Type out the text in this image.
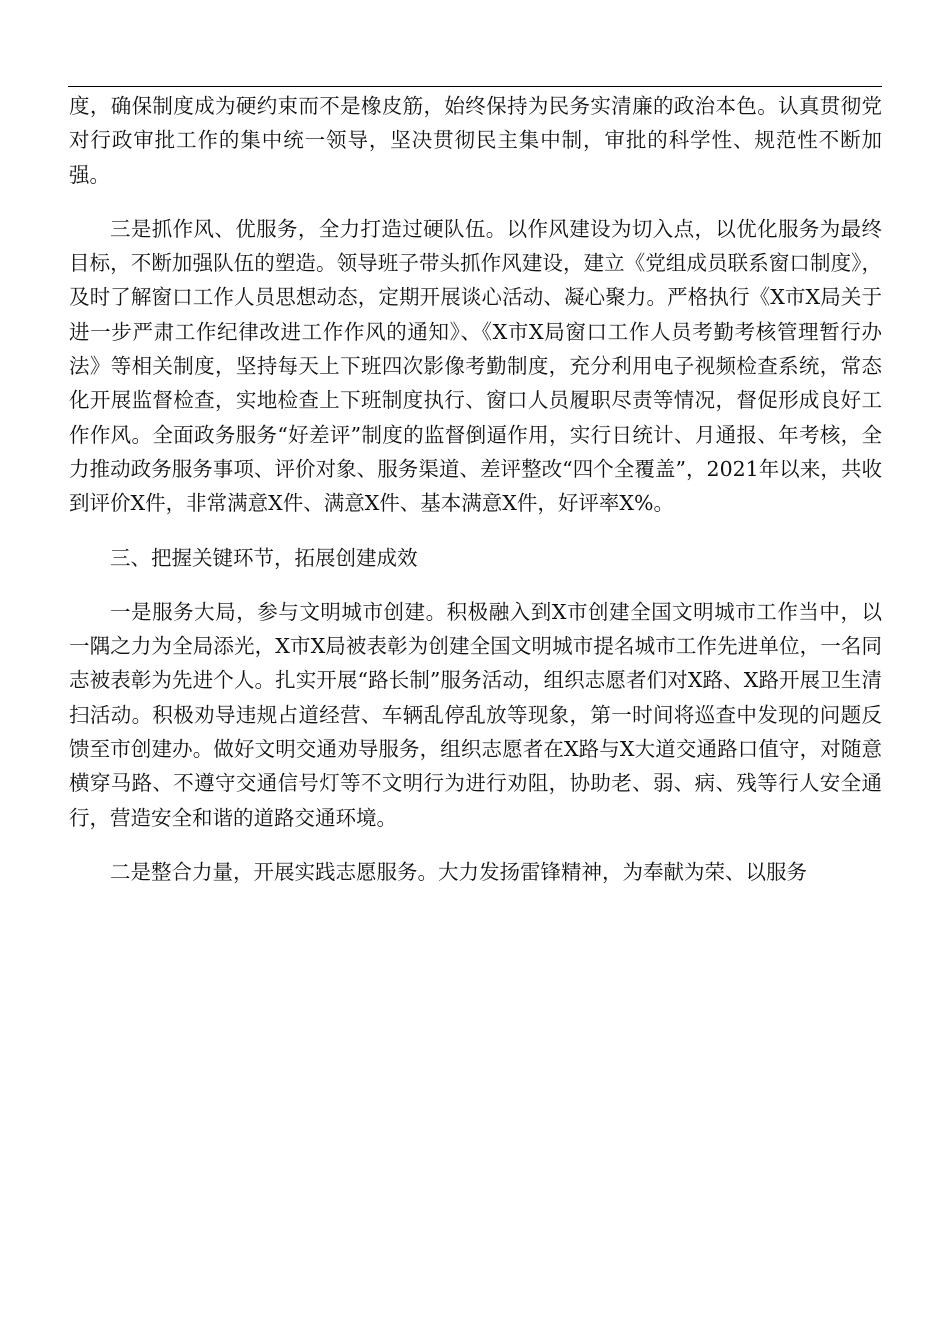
度，确保制度成为硬约束而不是橡皮筋，始终保持为民务实清廉的政治本色。认真贯彻党对行政审批工作的集中统一领导，坚决贯彻民主集中制，审批的科学性、规范性不断加强。

三是抓作风、优服务，全力打造过硬队伍。以作风建设为切入点，以优化服务为最终目标，不断加强队伍的塑造。领导班子带头抓作风建设，建立《党组成员联系窗口制度》，及时了解窗口工作人员思想动态，定期开展谈心活动、凝心聚力。严格执行《X市X局关于进一步严肃工作纪律改进工作作风的通知》、《X市X局窗口工作人员考勤考核管理暂行办法》等相关制度，坚持每天上下班四次影像考勤制度，充分利用电子视频检查系统，常态化开展监督检查，实地检查上下班制度执行、窗口人员履职尽责等情况，督促形成良好工作作风。全面政务服务“好差评”制度的监督倒逼作用，实行日统计、月通报、年考核，全力推动政务服务事项、评价对象、服务渠道、差评整改“四个全覆盖”，2021年以来，共收到评价X件，非常满意X件、满意X件、基本满意X件，好评率X%。

三、把握关键环节，拓展创建成效

一是服务大局，参与文明城市创建。积极融入到X市创建全国文明城市工作当中，以一隅之力为全局添光，X市X局被表彰为创建全国文明城市提名城市工作先进单位，一名同志被表彰为先进个人。扎实开展“路长制”服务活动，组织志愿者们对X路、X路开展卫生清扫活动。积极劝导违规占道经营、车辆乱停乱放等现象，第一时间将巡查中发现的问题反馈至市创建办。做好文明交通劝导服务，组织志愿者在X路与X大道交通路口值守，对随意横穿马路、不遵守交通信号灯等不文明行为进行劝阻，协助老、弱、病、残等行人安全通行，营造安全和谐的道路交通环境。

二是整合力量，开展实践志愿服务。大力发扬雷锋精神，为奉献为荣、以服务
